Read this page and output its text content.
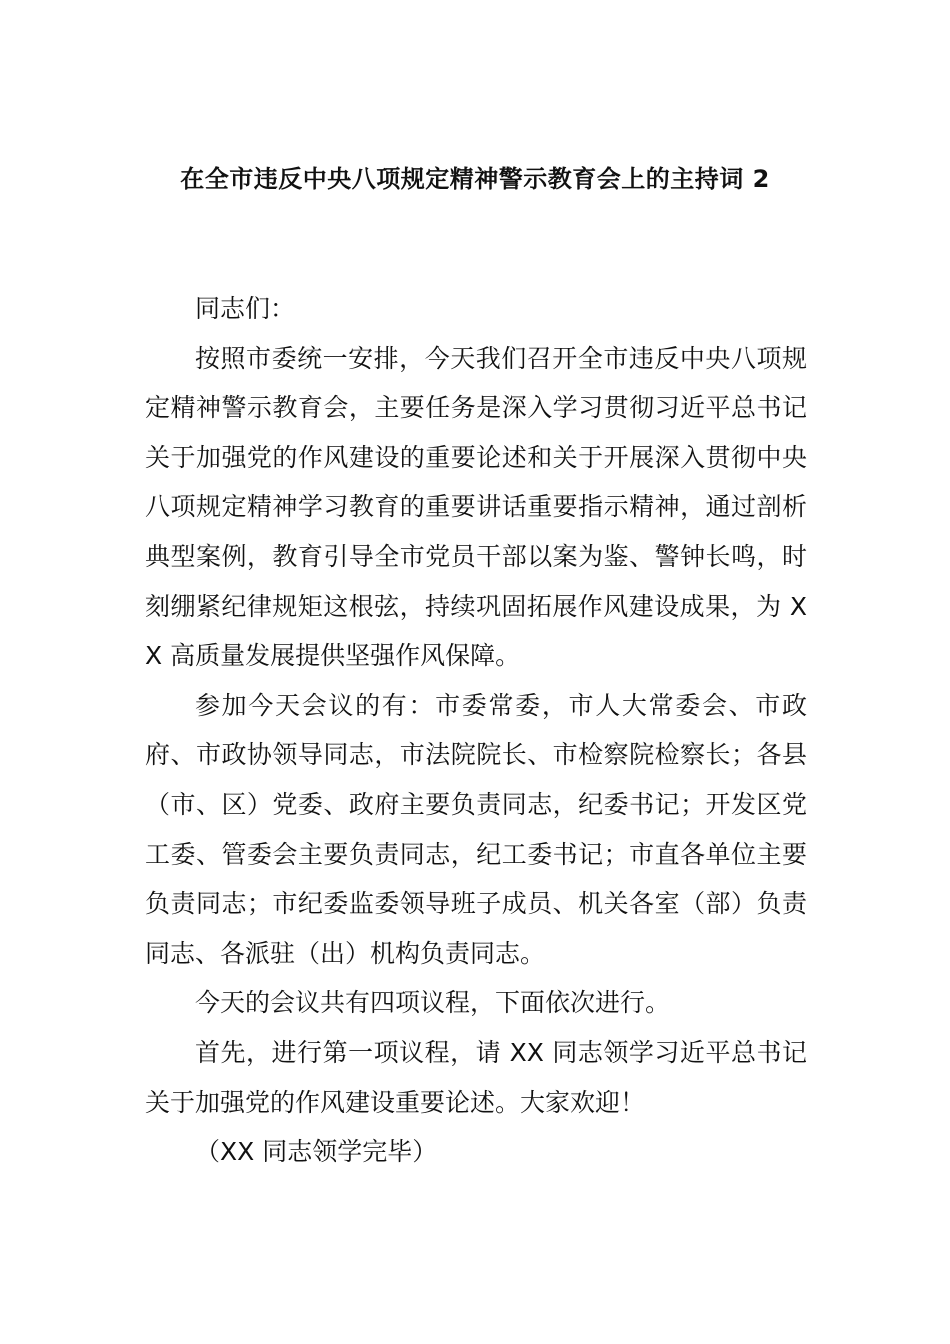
在全市违反中央八项规定精神警示教育会上的主持词 2

同志们：

按照市委统一安排，今天我们召开全市违反中央八项规定精神警示教育会，主要任务是深入学习贯彻习近平总书记关于加强党的作风建设的重要论述和关于开展深入贯彻中央八项规定精神学习教育的重要讲话重要指示精神，通过剖析典型案例，教育引导全市党员干部以案为鉴、警钟长鸣，时刻绷紧纪律规矩这根弦，持续巩固拓展作风建设成果，为 XX 高质量发展提供坚强作风保障。

参加今天会议的有：市委常委，市人大常委会、市政府、市政协领导同志，市法院院长、市检察院检察长；各县（市、区）党委、政府主要负责同志，纪委书记；开发区党工委、管委会主要负责同志，纪工委书记；市直各单位主要负责同志；市纪委监委领导班子成员、机关各室（部）负责同志、各派驻（出）机构负责同志。

今天的会议共有四项议程，下面依次进行。

首先，进行第一项议程，请 XX 同志领学习近平总书记关于加强党的作风建设重要论述。大家欢迎！

（XX 同志领学完毕）
